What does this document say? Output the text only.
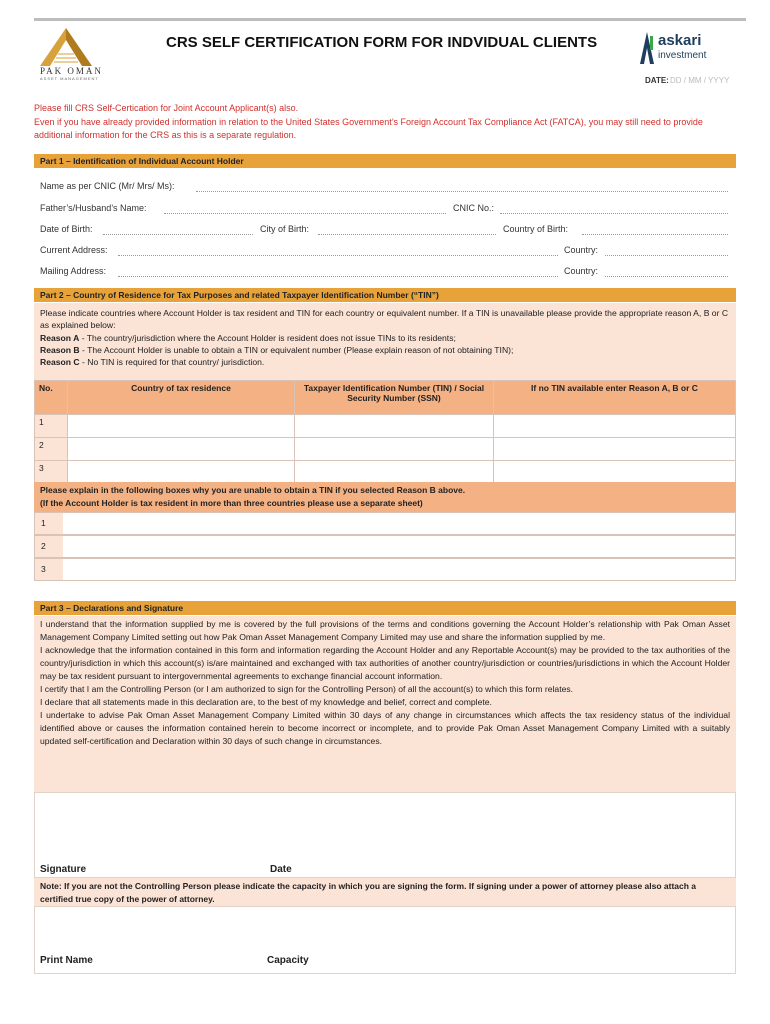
PAK OMAN
ASSET MANAGEMENT
CRS SELF CERTIFICATION FORM FOR INDVIDUAL CLIENTS	askari
investment
DATE: DD / MM / YYYY
Please fill CRS Self-Certication for Joint Account Applicant(s) also.
Even if you have already provided information in relation to the United States Government’s Foreign Account Tax Compliance Act (FATCA), you may still need to provide additional information for the CRS as this is a separate regulation.
Part 1 – Identification of Individual Account Holder
Name as per CNIC (Mr/ Mrs/ Ms):
Father’s/Husband’s Name:	CNIC No.:
Date of Birth:	City of Birth:	Country of Birth:
Current Address:	Country:
Mailing Address:	Country:
Part 2 – Country of Residence for Tax Purposes and related Taxpayer Identification Number (“TIN”)
Please indicate countries where Account Holder is tax resident and TIN for each country or equivalent number. If a TIN is unavailable please provide the appropriate reason A, B or C as explained below:
Reason A - The country/jurisdiction where the Account Holder is resident does not issue TINs to its residents;
Reason B - The Account Holder is unable to obtain a TIN or equivalent number (Please explain reason of not obtaining TIN);
Reason C - No TIN is required for that country/ jurisdiction.
No.	Country of tax residence	Taxpayer Identification Number (TIN) / Social Security Number (SSN)	If no TIN available enter Reason A, B or C
1			
2			
3			
Please explain in the following boxes why you are unable to obtain a TIN if you selected Reason B above.
(If the Account Holder is tax resident in more than three countries please use a separate sheet)
1
2
3
Part 3 – Declarations and Signature

I understand that the information supplied by me is covered by the full provisions of the terms and conditions governing the Account Holder’s relationship with Pak Oman Asset Management Company Limited setting out how Pak Oman Asset Management Company Limited may use and share the information supplied by me.

I acknowledge that the information contained in this form and information regarding the Account Holder and any Reportable Account(s) may be provided to the tax authorities of the country/jurisdiction in which this account(s) is/are maintained and exchanged with tax authorities of another country/jurisdiction or countries/jurisdictions in which the Account Holder may be tax resident pursuant to intergovernmental agreements to exchange financial account information.

I certify that I am the Controlling Person (or I am authorized to sign for the Controlling Person) of all the account(s) to which this form relates.

I declare that all statements made in this declaration are, to the best of my knowledge and belief, correct and complete.

I undertake to advise Pak Oman Asset Management Company Limited within 30 days of any change in circumstances which affects the tax residency status of the individual identified above or causes the information contained herein to become incorrect or incomplete, and to provide Pak Oman Asset Management Company Limited with a suitably updated self-certification and Declaration within 30 days of such change in circumstances.

Signature	Date
Note: If you are not the Controlling Person please indicate the capacity in which you are signing the form. If signing under a power of attorney please also attach a certified true copy of the power of attorney.
Print Name	Capacity
